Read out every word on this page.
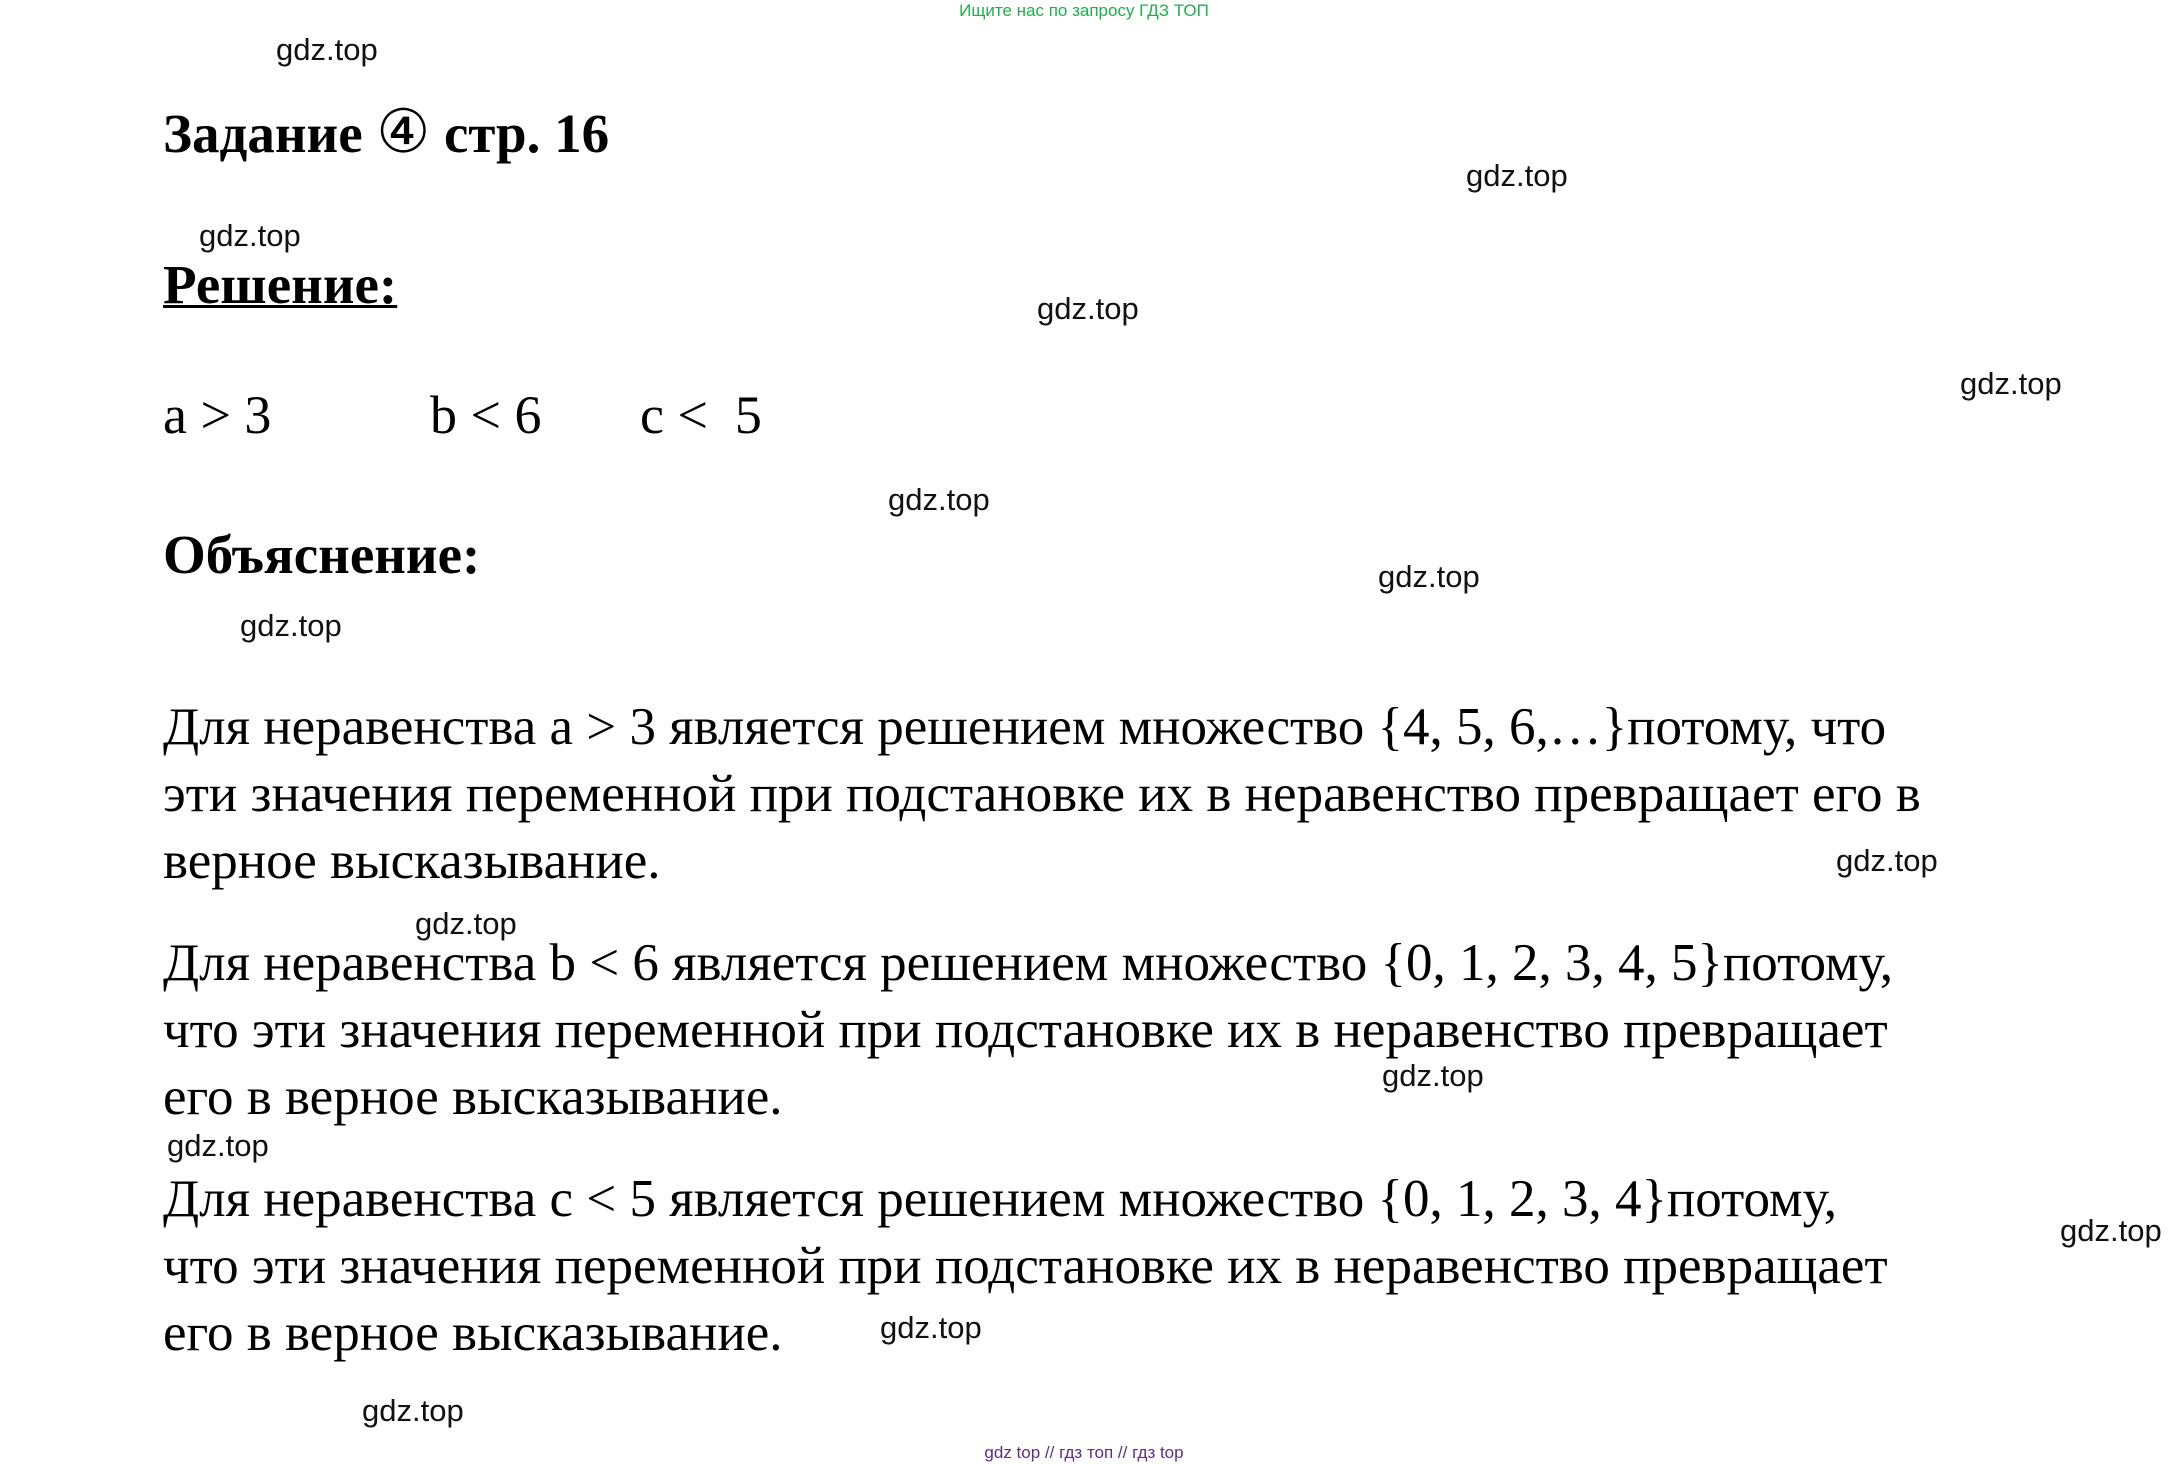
Ищите нас по запросу ГДЗ ТОП
Задание ④ стр. 16
Решение:
a > 3	b < 6 c <  5
Объяснение:
Для неравенства a > 3 является решением множество {4, 5, 6,…}потому, что
эти значения переменной при подстановке их в неравенство превращает его в
верное высказывание.
Для неравенства b < 6 является решением множество {0, 1, 2, 3, 4, 5}потому,
что эти значения переменной при подстановке их в неравенство превращает
его в верное высказывание.
Для неравенства c < 5 является решением множество {0, 1, 2, 3, 4}потому,
что эти значения переменной при подстановке их в неравенство превращает
его в верное высказывание.
gdz.top
gdz.top
gdz.top
gdz.top
gdz.top
gdz.top
gdz.top
gdz.top
gdz.top
gdz.top
gdz.top
gdz.top
gdz.top
gdz.top
gdz.top
gdz top // гдз топ // гдз top
